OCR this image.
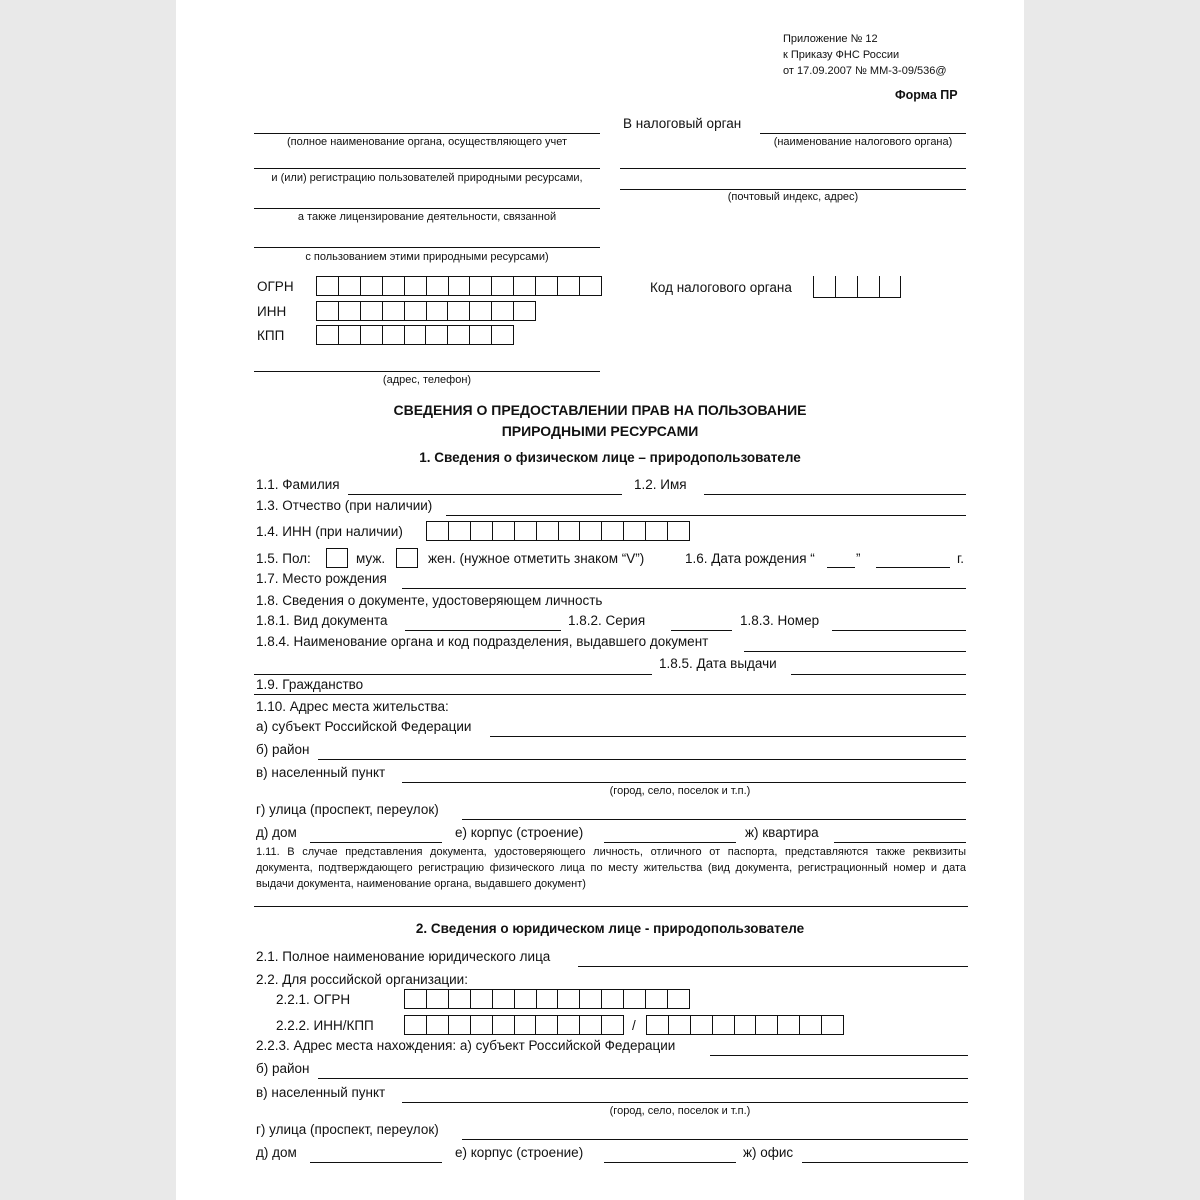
Приложение № 12
к Приказу ФНС России
от 17.09.2007 № ММ-3-09/536@
Форма ПР
(полное наименование органа, осуществляющего учет
и (или) регистрацию пользователей природными ресурсами,
а также лицензирование деятельности, связанной
с пользованием этими природными ресурсами)
ОГРН
ИНН
КПП
(адрес, телефон)
В налоговый орган
(наименование налогового органа)
(почтовый индекс, адрес)
Код налогового органа
СВЕДЕНИЯ О ПРЕДОСТАВЛЕНИИ ПРАВ НА ПОЛЬЗОВАНИЕ
ПРИРОДНЫМИ РЕСУРСАМИ
1. Сведения о физическом лице – природопользователе
1.1. Фамилия	1.2. Имя
1.3. Отчество (при наличии)
1.4. ИНН (при наличии)
1.5. Пол:	муж.	жен. (нужное отметить знаком “V”)	1.6. Дата рождения “	”	г.
1.7. Место рождения
1.8. Сведения о документе, удостоверяющем личность
1.8.1. Вид документа	1.8.2. Серия	1.8.3. Номер
1.8.4. Наименование органа и код подразделения, выдавшего документ
1.8.5. Дата выдачи
1.9. Гражданство
1.10. Адрес места жительства:
а) субъект Российской Федерации
б) район
в) населенный пункт
(город, село, поселок и т.п.)
г) улица (проспект, переулок)
д) дом	е) корпус (строение)	ж) квартира
1.11. В случае представления документа, удостоверяющего личность, отличного от паспорта, представляются также реквизиты документа, подтверждающего регистрацию физического лица по месту жительства (вид документа, регистрационный номер и дата выдачи документа, наименование органа, выдавшего документ)
2. Сведения о юридическом лице - природопользователе
2.1. Полное наименование юридического лица
2.2. Для российской организации:
2.2.1. ОГРН
2.2.2. ИНН/КПП	/
2.2.3. Адрес места нахождения: а) субъект Российской Федерации
б) район
в) населенный пункт
(город, село, поселок и т.п.)
г) улица (проспект, переулок)
д) дом	е) корпус (строение)	ж) офис
